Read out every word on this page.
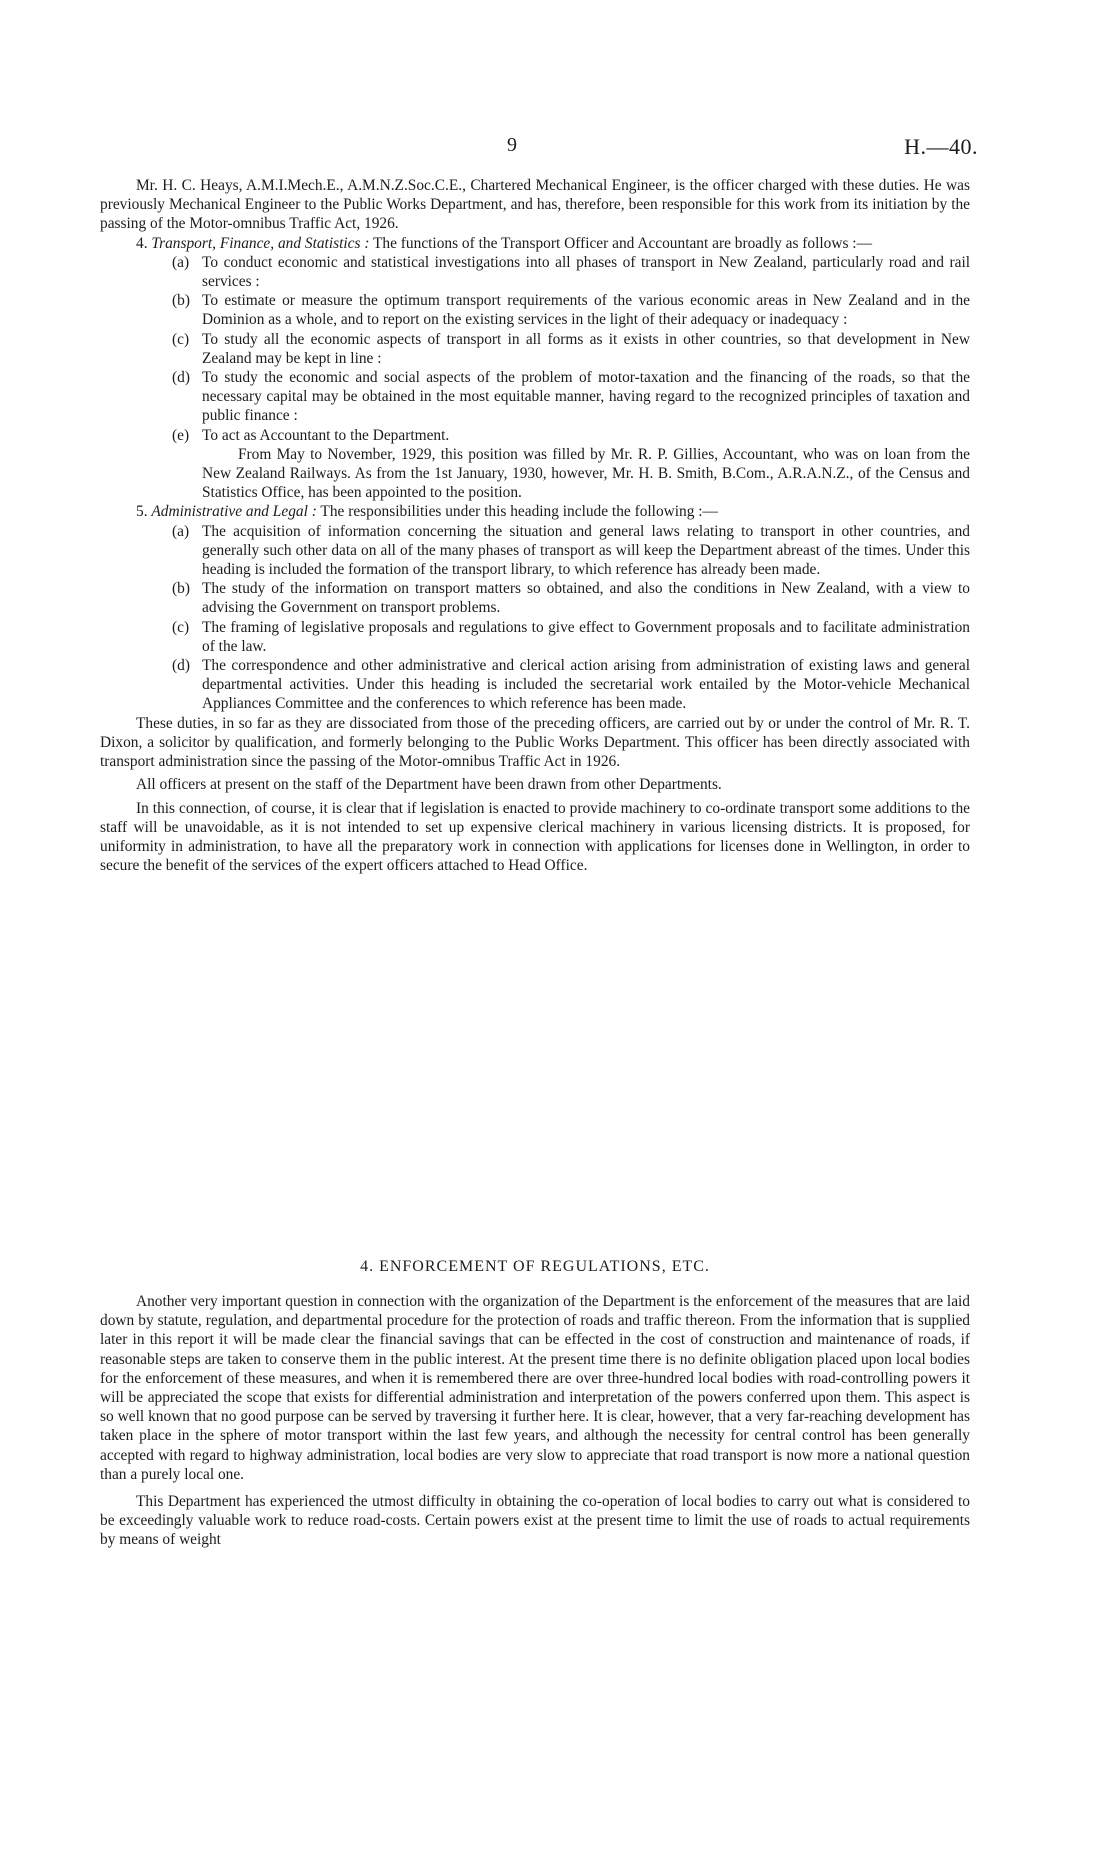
9	H.—40.

Mr. H. C. Heays, A.M.I.Mech.E., A.M.N.Z.Soc.C.E., Chartered Mechanical Engineer, is the officer charged with these duties. He was previously Mechanical Engineer to the Public Works Department, and has, therefore, been responsible for this work from its initiation by the passing of the Motor-omnibus Traffic Act, 1926.

4. Transport, Finance, and Statistics : The functions of the Transport Officer and Accountant are broadly as follows :—

(a) To conduct economic and statistical investigations into all phases of transport in New Zealand, particularly road and rail services :

(b) To estimate or measure the optimum transport requirements of the various economic areas in New Zealand and in the Dominion as a whole, and to report on the existing services in the light of their adequacy or inadequacy :

(c) To study all the economic aspects of transport in all forms as it exists in other countries, so that development in New Zealand may be kept in line :

(d) To study the economic and social aspects of the problem of motor-taxation and the financing of the roads, so that the necessary capital may be obtained in the most equitable manner, having regard to the recognized principles of taxation and public finance :

(e) To act as Accountant to the Department.

From May to November, 1929, this position was filled by Mr. R. P. Gillies, Accountant, who was on loan from the New Zealand Railways. As from the 1st January, 1930, however, Mr. H. B. Smith, B.Com., A.R.A.N.Z., of the Census and Statistics Office, has been appointed to the position.

5. Administrative and Legal : The responsibilities under this heading include the following :—

(a) The acquisition of information concerning the situation and general laws relating to transport in other countries, and generally such other data on all of the many phases of transport as will keep the Department abreast of the times. Under this heading is included the formation of the transport library, to which reference has already been made.

(b) The study of the information on transport matters so obtained, and also the conditions in New Zealand, with a view to advising the Government on transport problems.

(c) The framing of legislative proposals and regulations to give effect to Government proposals and to facilitate administration of the law.

(d) The correspondence and other administrative and clerical action arising from administration of existing laws and general departmental activities. Under this heading is included the secretarial work entailed by the Motor-vehicle Mechanical Appliances Committee and the conferences to which reference has been made.

These duties, in so far as they are dissociated from those of the preceding officers, are carried out by or under the control of Mr. R. T. Dixon, a solicitor by qualification, and formerly belonging to the Public Works Department. This officer has been directly associated with transport administration since the passing of the Motor-omnibus Traffic Act in 1926.

All officers at present on the staff of the Department have been drawn from other Departments.

In this connection, of course, it is clear that if legislation is enacted to provide machinery to co-ordinate transport some additions to the staff will be unavoidable, as it is not intended to set up expensive clerical machinery in various licensing districts. It is proposed, for uniformity in administration, to have all the preparatory work in connection with applications for licenses done in Wellington, in order to secure the benefit of the services of the expert officers attached to Head Office.

4. ENFORCEMENT OF REGULATIONS, ETC.

Another very important question in connection with the organization of the Department is the enforcement of the measures that are laid down by statute, regulation, and departmental procedure for the protection of roads and traffic thereon. From the information that is supplied later in this report it will be made clear the financial savings that can be effected in the cost of construction and maintenance of roads, if reasonable steps are taken to conserve them in the public interest. At the present time there is no definite obligation placed upon local bodies for the enforcement of these measures, and when it is remembered there are over three-hundred local bodies with road-controlling powers it will be appreciated the scope that exists for differential administration and interpretation of the powers conferred upon them. This aspect is so well known that no good purpose can be served by traversing it further here. It is clear, however, that a very far-reaching development has taken place in the sphere of motor transport within the last few years, and although the necessity for central control has been generally accepted with regard to highway administration, local bodies are very slow to appreciate that road transport is now more a national question than a purely local one.

This Department has experienced the utmost difficulty in obtaining the co-operation of local bodies to carry out what is considered to be exceedingly valuable work to reduce road-costs. Certain powers exist at the present time to limit the use of roads to actual requirements by means of weight
